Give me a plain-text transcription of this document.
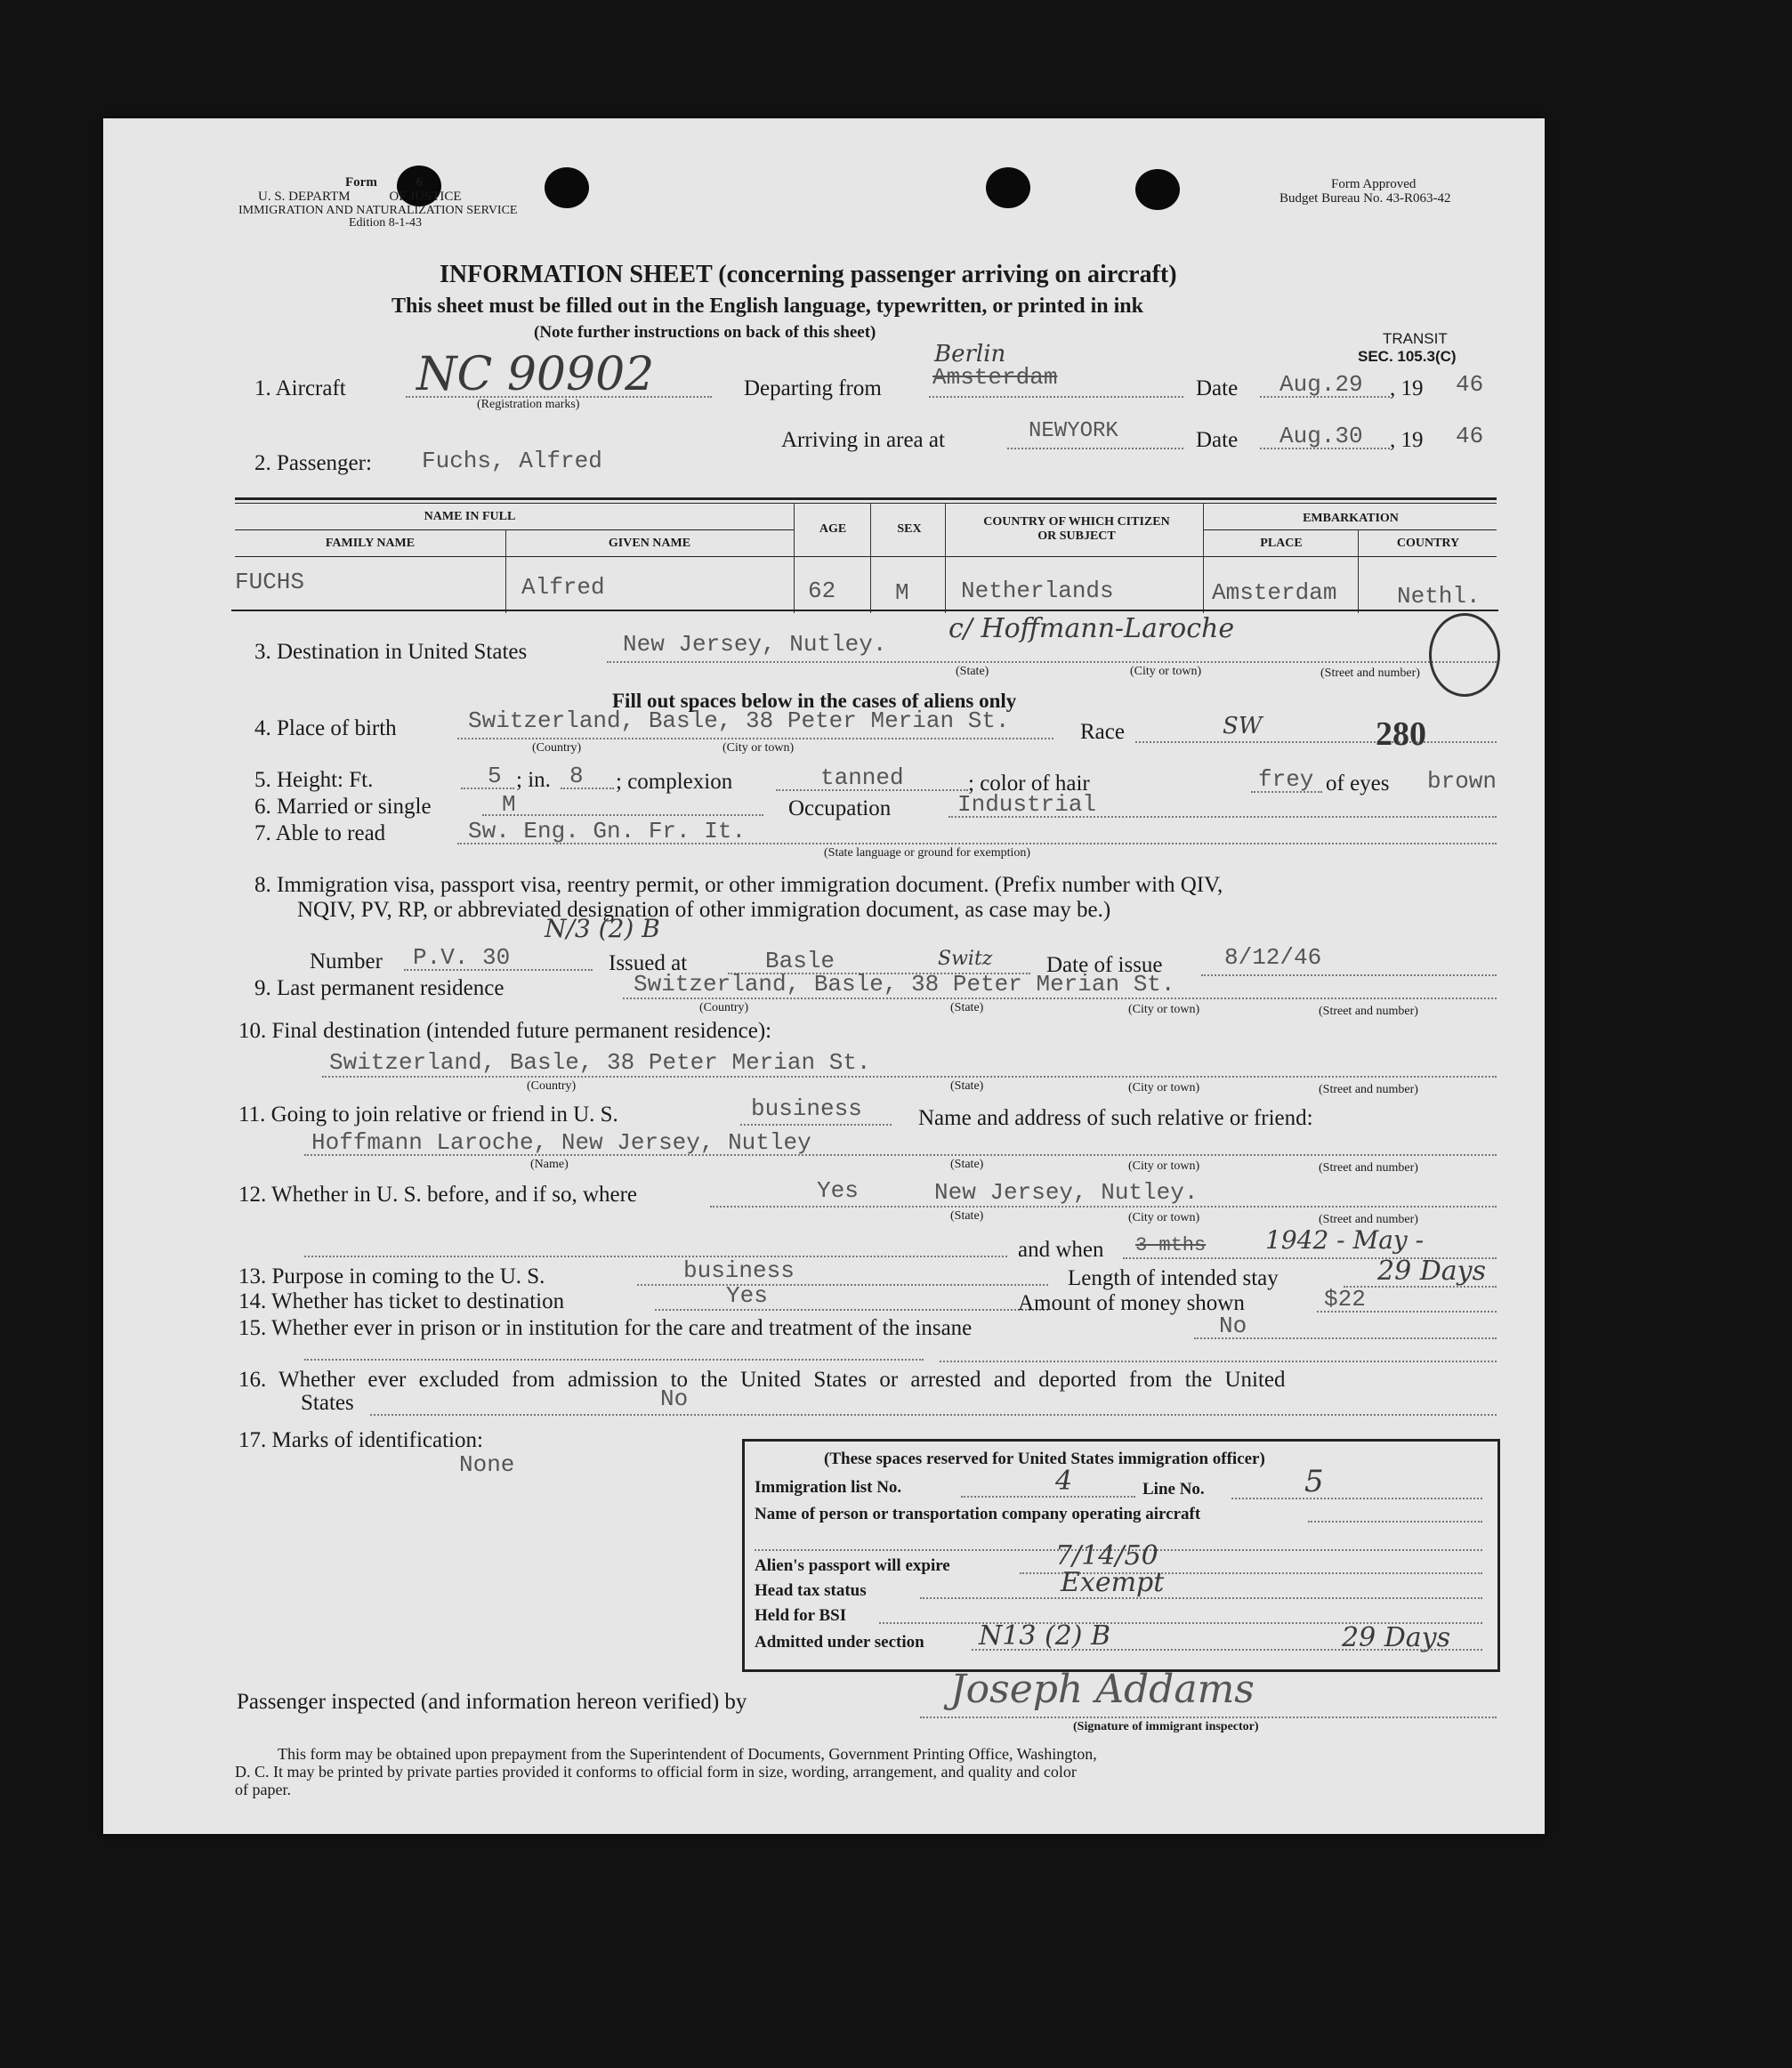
Form	6
U. S. DEPARTM	OF JUSTICE
IMMIGRATION AND NATURALIZATION SERVICE
Edition 8-1-43
Form Approved
Budget Bureau No. 43-R063-42
INFORMATION SHEET (concerning passenger arriving on aircraft)
This sheet must be filled out in the English language, typewritten, or printed in ink
(Note further instructions on back of this sheet)	TRANSIT
SEC. 105.3(C)
1. Aircraft NC 90902
(Registration marks)
Departing from Amsterdam
Berlin
Date Aug.29 , 19 46
Arriving in area at	NEWYORK	Date Aug.30 , 19 46
2. Passenger: Fuchs, Alfred
NAME IN FULL
FAMILY NAME	GIVEN NAME
AGE	SEX
COUNTRY OF WHICH CITIZEN
OR SUBJECT
EMBARKATION
PLACE	COUNTRY
FUCHS	Alfred	62	M Netherlands	Amsterdam	Nethl.
3. Destination in United States	New Jersey, Nutley. c/ Hoffmann-Laroche
(State)	(City or town)	(Street and number)
Fill out spaces below in the cases of aliens only
4. Place of birth	Switzerland, Basle, 38 Peter Merian St.
(Country)	(City or town)
Race	SW	280
5. Height: Ft.	5 ; in. 8 ; complexion	tanned	; color of hair	frey of eyes brown
6. Married or single	M	Occupation	Industrial
7. Able to read	Sw. Eng. Gn. Fr. It.
(State language or ground for exemption)
8. Immigration visa, passport visa, reentry permit, or other immigration document. (Prefix number with QIV,
NQIV, PV, RP, or abbreviated designation of other immigration document, as case may be.)
N/3 (2) B
Number P.V. 30	Issued at	Basle	Switz Date of issue	8/12/46
9. Last permanent residence	Switzerland, Basle, 38 Peter Merian St.
(Country)	(State)	(City or town)	(Street and number)
10. Final destination (intended future permanent residence):
Switzerland, Basle, 38 Peter Merian St.
(Country)	(State)	(City or town)	(Street and number)
11. Going to join relative or friend in U. S.	business	Name and address of such relative or friend:
Hoffmann Laroche, New Jersey, Nutley
(Name)	(State)	(City or town)	(Street and number)
12. Whether in U. S. before, and if so, where	Yes	New Jersey, Nutley.
(State)	(City or town)	(Street and number)
and when 3 mths 1942 - May -
13. Purpose in coming to the U. S.	business	Length of intended stay	29 Days
14. Whether has ticket to destination	Yes	Amount of money shown	$22
15. Whether ever in prison or in institution for the care and treatment of the insane	No
16. Whether ever excluded from admission to the United States or arrested and deported from the United
States	No
17. Marks of identification:
None	(These spaces reserved for United States immigration officer)
Immigration list No.	4	Line No.	5
Name of person or transportation company operating aircraft
Alien's passport will expire	7/14/50
Head tax status	Exempt
Held for BSI
Admitted under section N13 (2) B	29 Days
Passenger inspected (and information hereon verified) by	Joseph Addams
(Signature of immigrant inspector)
This form may be obtained upon prepayment from the Superintendent of Documents, Government Printing Office, Washington,
D. C. It may be printed by private parties provided it conforms to official form in size, wording, arrangement, and quality and color
of paper.
